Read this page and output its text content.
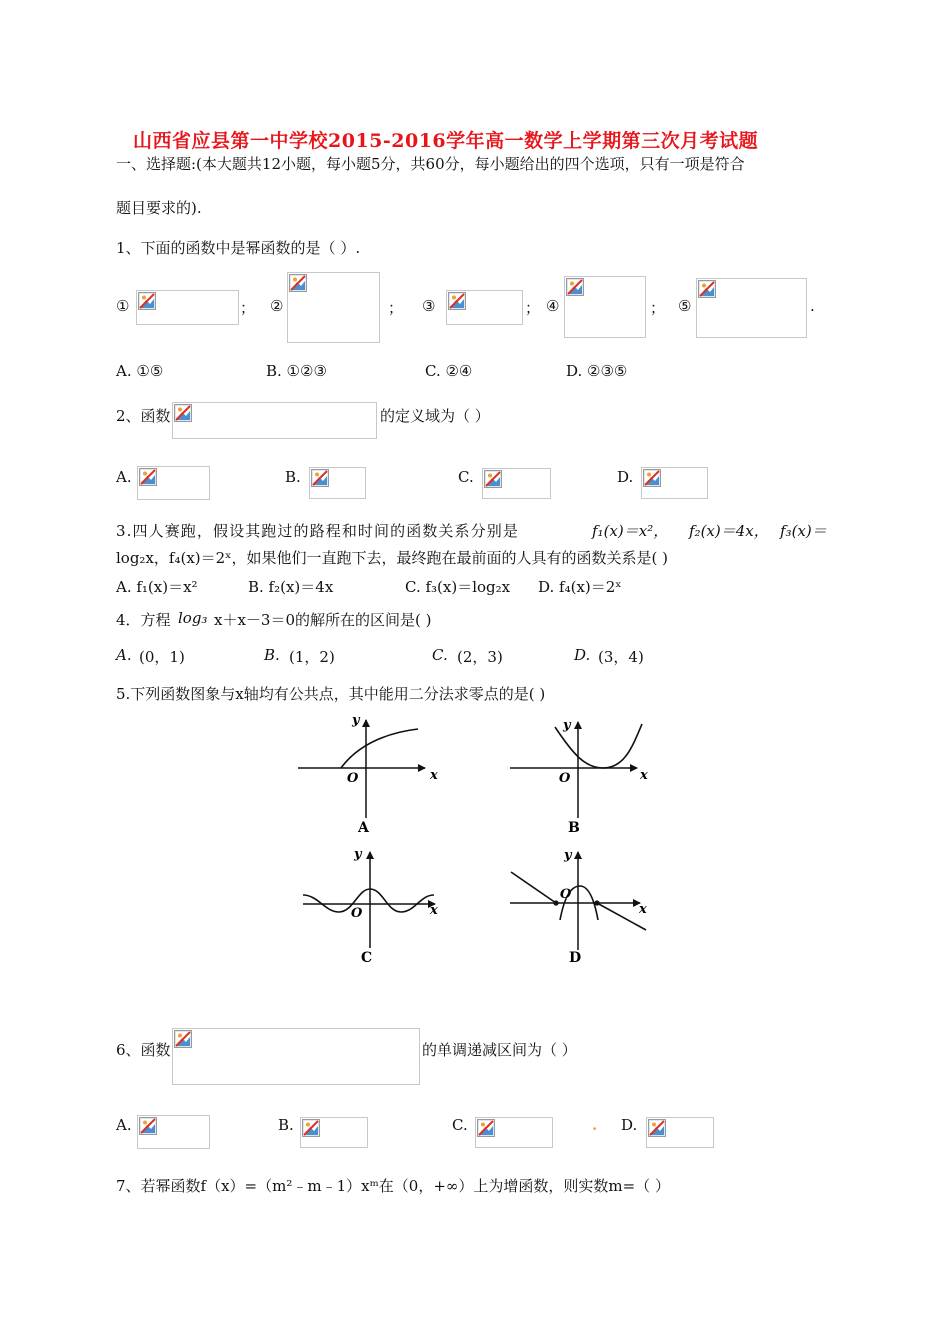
山西省应县第一中学校2015-2016学年高一数学上学期第三次月考试题
一、选择题:(本大题共12小题，每小题5分，共60分，每小题给出的四个选项，只有一项是符合
题目要求的).
1、下面的函数中是幂函数的是（ ）.
①	； ②	； ③	； ④	； ⑤	.
A. ①⑤	B. ①②③	C. ②④	D. ②③⑤
2、函数	的定义域为（ ）
A.	B.	C.	D.
3.四人赛跑，假设其跑过的路程和时间的函数关系分别是	f₁(x)＝x²， f₂(x)＝4x， f₃(x)＝
log₂x，f₄(x)＝2ˣ，如果他们一直跑下去，最终跑在最前面的人具有的函数关系是( )
A. f₁(x)＝x²	B. f₂(x)＝4x	C. f₃(x)＝log₂x D. f₄(x)＝2ˣ
4．方程 log₃ x＋x－3＝0的解所在的区间是( )
A. (0，1)	B. (1，2)	C. (2，3)	D. (3，4)
5.下列函数图象与x轴均有公共点，其中能用二分法求零点的是( )
O	x
y
A
O	x
y
B
O	x
y
C
O
x
y
D
6、函数	的单调递减区间为（ ）
A.	B.	C.	. D.
7、若幂函数f（x）=（m²﹣m﹣1）xᵐ在（0，+∞）上为增函数，则实数m=（ ）
